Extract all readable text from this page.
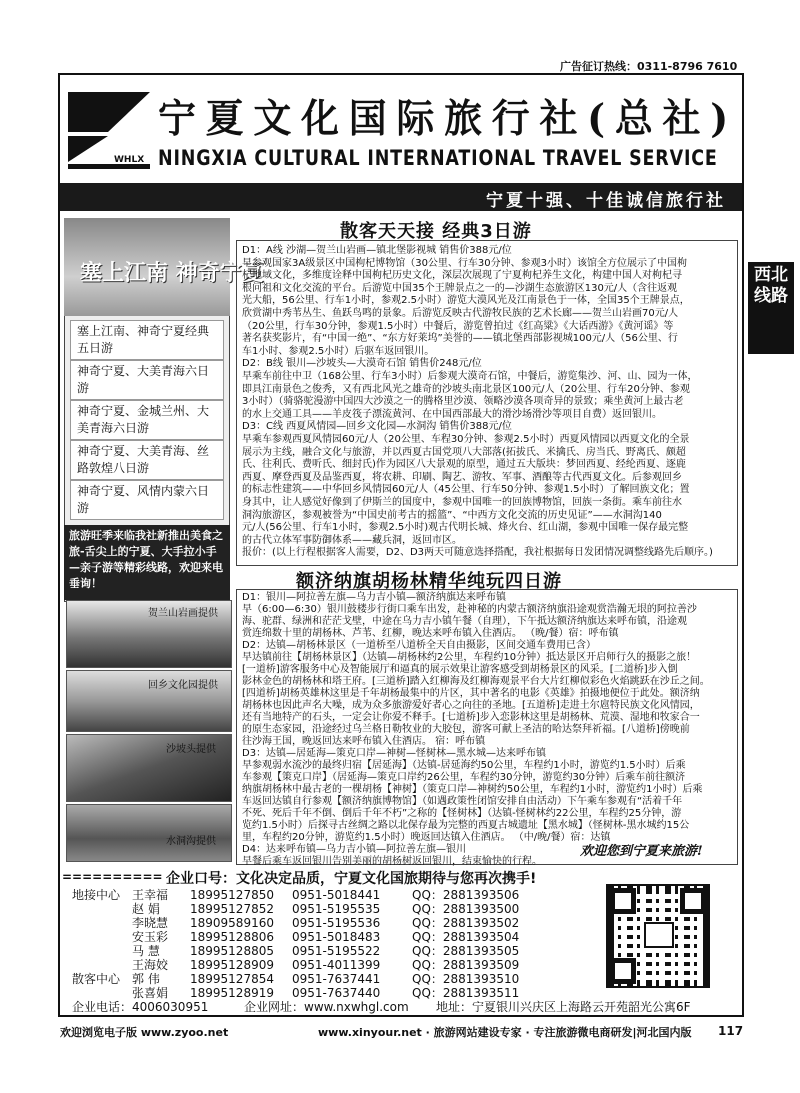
广告征订热线：0311-8796 7610
WHLX
宁夏文化国际旅行社(总社)
NINGXIA CULTURAL INTERNATIONAL TRAVEL SERVICE
宁夏十强、十佳诚信旅行社
西北线路
散客天天接 经典3日游
塞上江南 神奇宁夏
塞上江南、神奇宁夏经典五日游
神奇宁夏、大美青海六日游
神奇宁夏、金城兰州、大美青海六日游
神奇宁夏、大美青海、丝路敦煌八日游
神奇宁夏、风情内蒙六日游
旅游旺季来临我社新推出美食之旅-舌尖上的宁夏、大手拉小手—亲子游等精彩线路，欢迎来电垂询！
D1：A线 沙湖—贺兰山岩画—镇北堡影视城 销售价388元/位
早参观国家3A级景区中国枸杞博物馆（30公里、行车30分钟、参观3小时）该馆全方位展示了中国枸
杞地域文化，多维度诠释中国枸杞历史文化，深层次展现了宁夏枸杞养生文化，构建中国人对枸杞寻
根问祖和文化交流的平台。后游览中国35个王牌景点之一的—沙湖生态旅游区130元/人（含往返观
光大船，56公里、行车1小时，参观2.5小时）游览大漠风光及江南景色于一体，全国35个王牌景点，
欣赏湖中秀苇丛生、鱼跃鸟鸣的景象。后游览反映古代游牧民族的艺术长廊——贺兰山岩画70元/人
（20公里，行车30分钟，参观1.5小时）中餐后，游览曾拍过《红高粱》《大话西游》《黄河谣》等
著名获奖影片，有“中国一绝”、“东方好莱坞”美誉的——镇北堡西部影视城100元/人（56公里、行
车1小时、参观2.5小时）后驱车返回银川。
D2：B线 银川—沙坡头—大漠奇石馆 销售价248元/位
早乘车前往中卫（168公里、行车3小时）后参观大漠奇石馆，中餐后，游览集沙、河、山、园为一体，
即具江南景色之俊秀，又有西北风光之雄奇的沙坡头南北景区100元/人（20公里、行车20分钟、参观
3小时）（骑骆驼漫游中国四大沙漠之一的腾格里沙漠、领略沙漠各项奇异的景致；乘坐黄河上最古老
的水上交通工具——羊皮筏子漂流黄河、在中国西部最大的滑沙场滑沙等项目自费）返回银川。
D3：C线 西夏风情园—回乡文化园—水洞沟 销售价388元/位
早乘车参观西夏风情园60元/人（20公里、车程30分钟、参观2.5小时）西夏风情园以西夏文化的全景
展示为主线，融合文化与旅游，并以西夏古国党项八大部落(拓拔氏、米擒氏、房当氏、野离氏、颇超
氏、往利氏、费听氏、细封氏)作为园区八大景观的原型，通过五大版块：梦回西夏、经纶西夏、逐鹿
西夏、摩登西夏及品鉴西夏，将农耕、印刷、陶艺、游牧、军事、酒酿等古代西夏文化。后参观回乡
的标志性建筑——中华回乡风情园60元/人（45公里、行车50分钟、参观1.5小时）了解回族文化；置
身其中，让人感觉好像到了伊斯兰的国度中，参观中国唯一的回族博物馆，回族一条街。乘车前往水
洞沟旅游区，参观被誉为“中国史前考古的摇篮”、“中西方文化交流的历史见证”——水洞沟140
元/人(56公里、行车1小时，参观2.5小时)观古代明长城、烽火台、红山湖，参观中国唯一保存最完整
的古代立体军事防御体系——藏兵洞，返回市区。
报价：(以上行程根据客人需要，D2、D3两天可随意选择搭配，我社根据每日发团情况调整线路先后顺序。)
额济纳旗胡杨林精华纯玩四日游
D1：银川—阿拉善左旗—乌力吉小镇—额济纳旗达来呼布镇
早（6:00—6:30）银川鼓楼步行街口乘车出发，赴神秘的内蒙古额济纳旗沿途观赏浩瀚无垠的阿拉善沙
海、驼群、绿洲和茫茫戈壁，中途在乌力吉小镇午餐（自理），下午抵达额济纳旗达来呼布镇，沿途观
赏连绵数十里的胡杨林、芦苇、红柳，晚达来呼布镇入住酒店。 （晚/餐）宿：呼布镇
D2：达镇—胡杨林景区（一道桥至八道桥全天自由摄影，区间交通车费用已含）
早达镇前往【胡杨林景区】（达镇—胡杨林约2公里，车程约10分钟）抵达景区开启师行久的摄影之旅！
[一道桥]游客服务中心及智能展厅和逼真的展示效果让游客感受到胡杨景区的风采。[二道桥]步入倒
影林金色的胡杨林和塔王府。[三道桥]踏入红柳海及红柳海观景平台大片红柳似彩色火焰跳跃在沙丘之间。
[四道桥]胡杨英雄林这里是千年胡杨最集中的片区，其中著名的电影《英雄》拍摄地便位于此处。额济纳
胡杨林也因此声名大噪，成为众多旅游爱好者心之向往的圣地。[五道桥]走进土尔扈特民族文化风情园，
还有当地特产的石头，一定会让你爱不释手。[七道桥]步入恋影林这里是胡杨林、荒漠、湿地和牧家合一
的原生态家园，沿途经过乌兰格日勒牧业的大胶包，游客可献上圣洁的哈达祭拜祈福。[八道桥]傍晚前
往沙海王国，晚返回达来呼布镇入住酒店。 宿：呼布镇
D3：达镇—居延海—策克口岸—神树—怪树林—黑水城—达来呼布镇
早参观弱水流沙的最终归宿【居延海】（达镇-居延海约50公里，车程约1小时，游览约1.5小时）后乘
车参观【策克口岸】（居延海—策克口岸约26公里，车程约30分钟，游览约30分钟）后乘车前往额济
纳旗胡杨林中最古老的一棵胡杨【神树】（策克口岸—神树约50公里，车程约1小时，游览约1小时）后乘
车返回达镇自行参观【额济纳旗博物馆】（如遇政策性闭馆安排自由活动）下午乘车参观有“活着千年
不死、死后千年不倒、倒后千年不朽”之称的【怪树林】（达镇-怪树林约22公里，车程约25分钟，游
览约1.5小时）后探寻古丝绸之路以北保存最为完整的西夏古城遗址【黑水城】（怪树林-黑水城约15公
里，车程约20分钟，游览约1.5小时）晚返回达镇入住酒店。 （中/晚/餐）宿：达镇
D4：达来呼布镇—乌力吉小镇—阿拉善左旗—银川
早餐后乘车返回银川告别美丽的胡杨树返回银川，结束愉快的行程。
欢迎您到宁夏来旅游!
贺兰山岩画提供
回乡文化园提供
沙坡头提供
水洞沟提供
========== 企业口号：文化决定品质，宁夏文化国旅期待与您再次携手!
地接中心
散客中心
王幸福 18995127850 0951-5018441	QQ：2881393506
赵 娟	18995127852 0951-5195535	QQ：2881393500
李晓慧 18909589160 0951-5195536	QQ：2881393502
安玉彩 18995128806 0951-5018483	QQ：2881393504
马 慧	18995128805 0951-5195522	QQ：2881393505
王海姣 18995128909 0951-4011399	QQ：2881393509
郭 伟	18995127854 0951-7637441	QQ：2881393510
张喜娟 18995128919 0951-7637440	QQ：2881393511
企业电话：4006030951	企业网址：www.nxwhgl.com 地址：宁夏银川兴庆区上海路云开苑韶光公寓6F
欢迎浏览电子版 www.zyoo.net	www.xinyour.net · 旅游网站建设专家 · 专注旅游微电商研发|河北国内版 117
